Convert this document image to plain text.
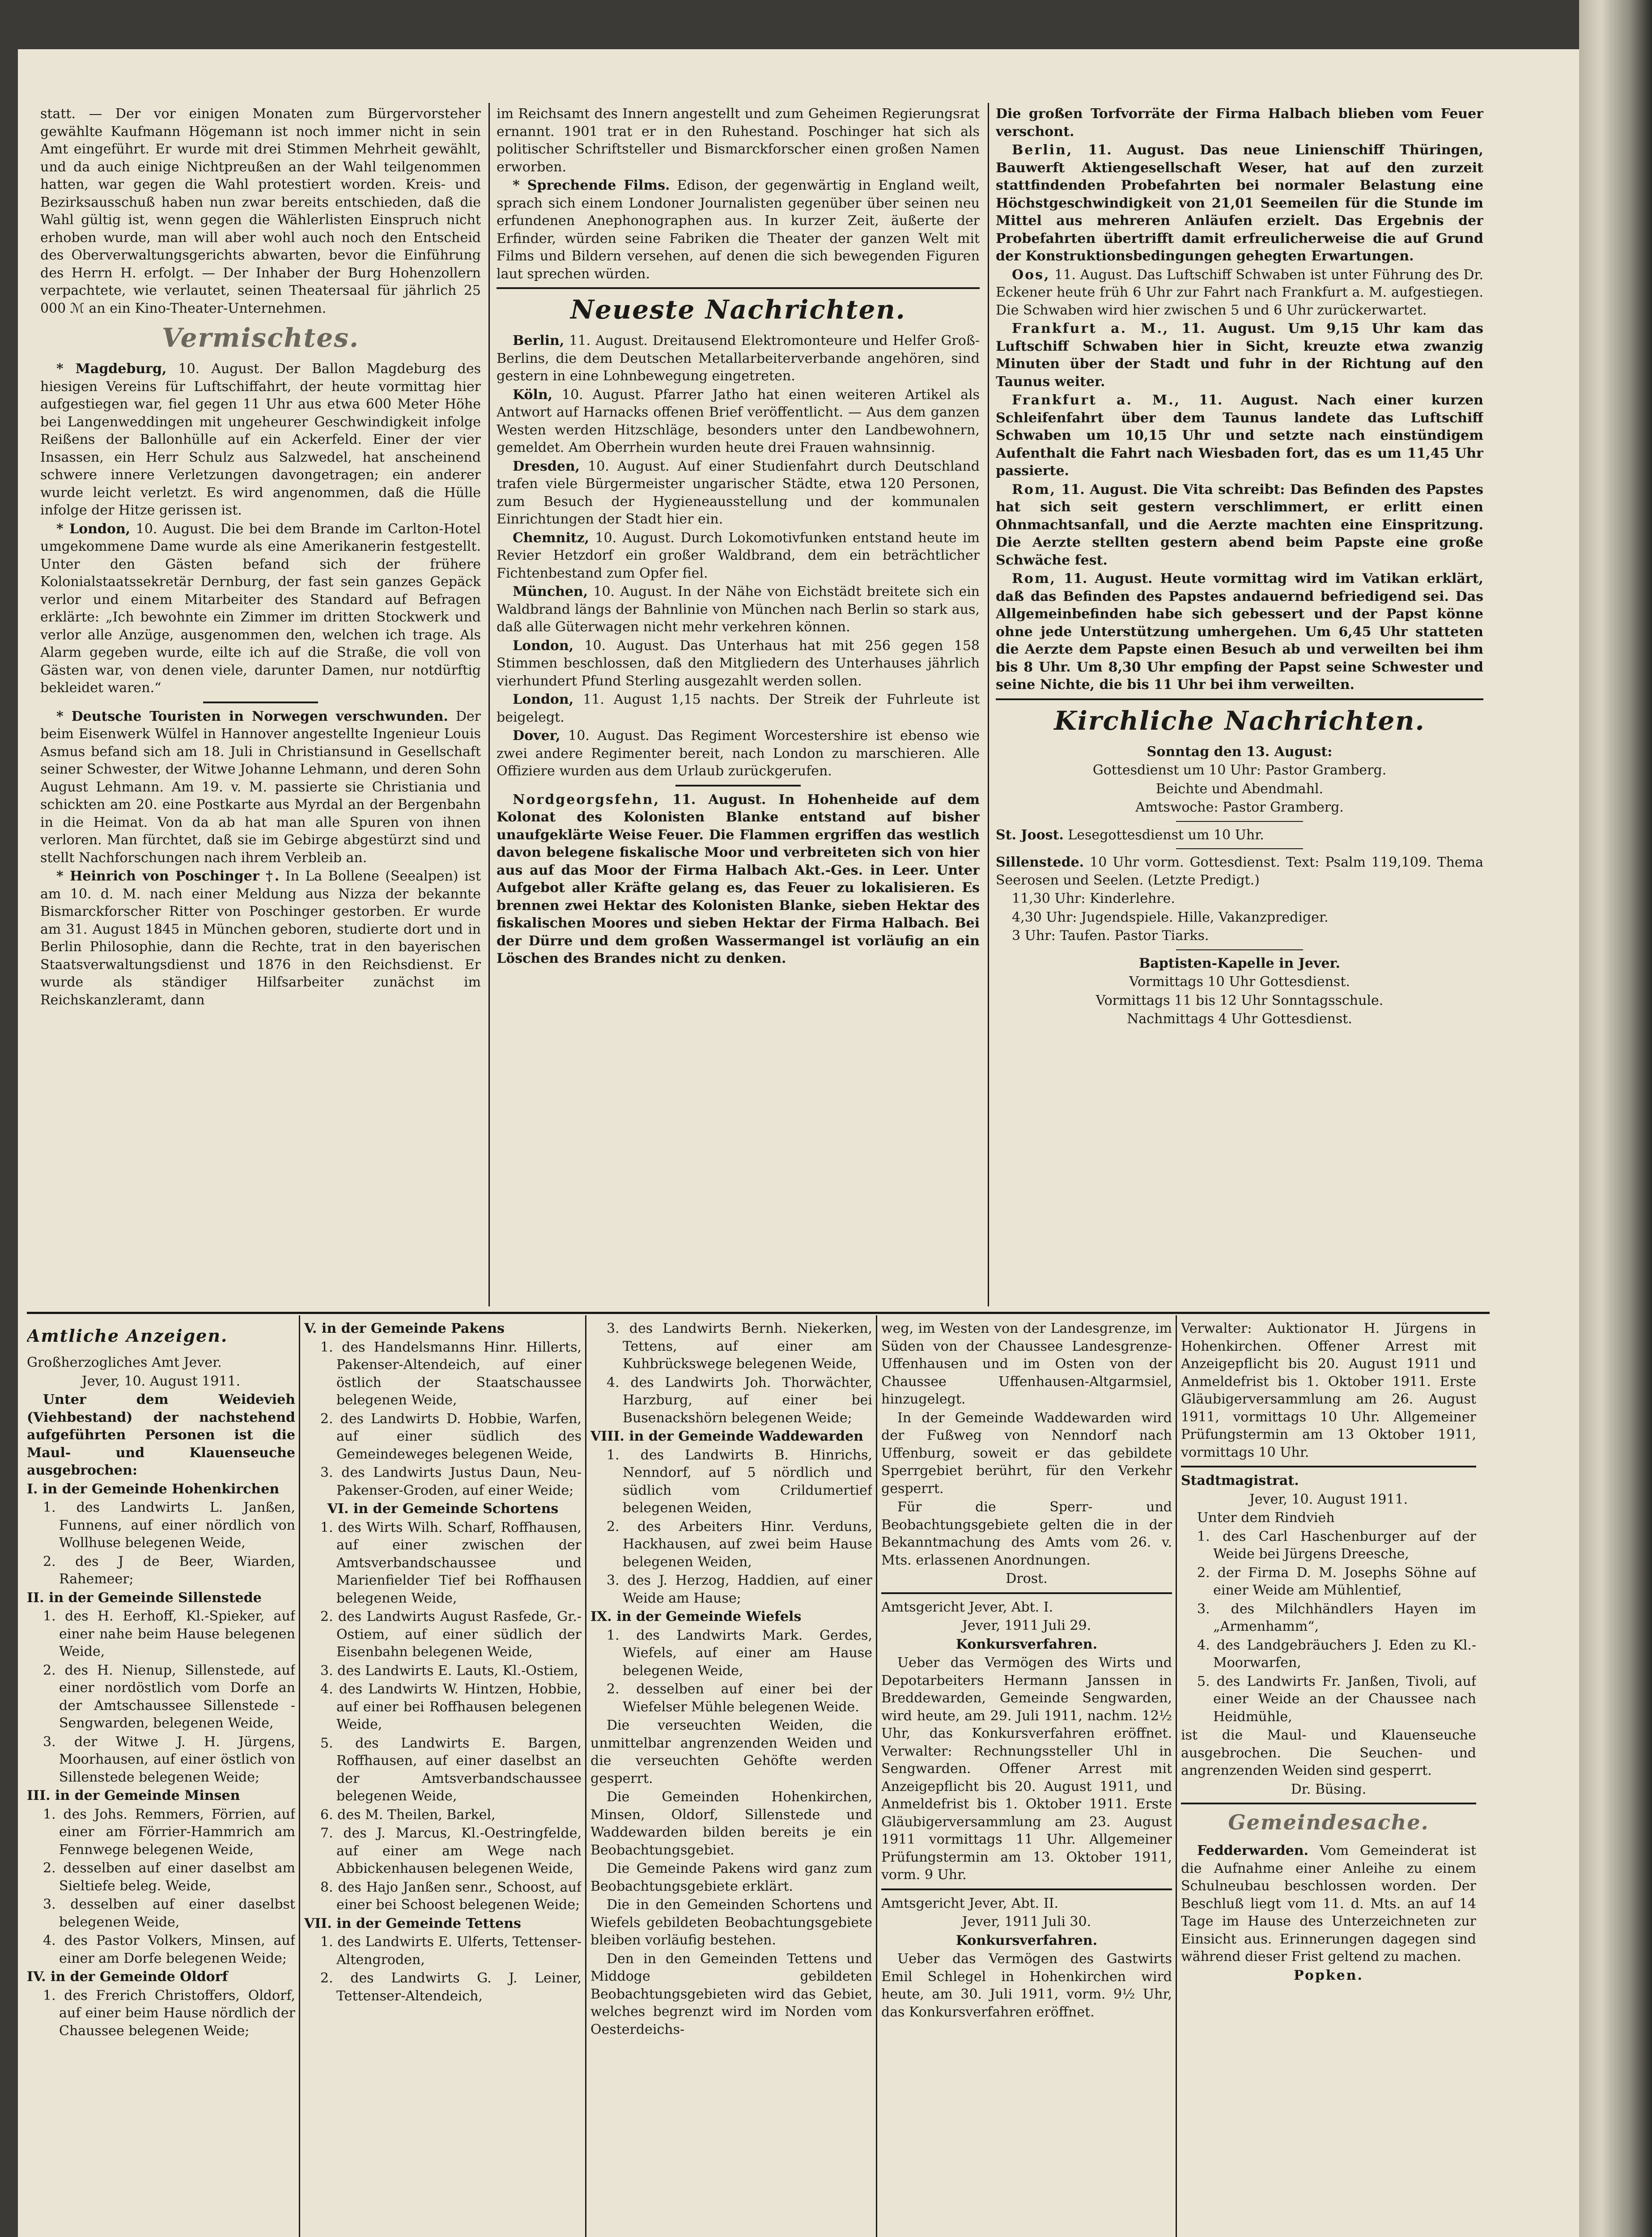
statt. — Der vor einigen Monaten zum Bürgervorsteher gewählte Kaufmann Högemann ist noch immer nicht in sein Amt eingeführt. Er wurde mit drei Stimmen Mehrheit gewählt, und da auch einige Nichtpreußen an der Wahl teilgenommen hatten, war gegen die Wahl protestiert worden. Kreis- und Bezirksausschuß haben nun zwar bereits entschieden, daß die Wahl gültig ist, wenn gegen die Wählerlisten Einspruch nicht erhoben wurde, man will aber wohl auch noch den Entscheid des Oberverwaltungsgerichts abwarten, bevor die Einführung des Herrn H. erfolgt. — Der Inhaber der Burg Hohenzollern verpachtete, wie verlautet, seinen Theatersaal für jährlich 25 000 ℳ an ein Kino-Theater-Unternehmen.

Vermischtes.

* Magdeburg, 10. August. Der Ballon Magdeburg des hiesigen Vereins für Luftschiffahrt, der heute vormittag hier aufgestiegen war, fiel gegen 11 Uhr aus etwa 600 Meter Höhe bei Langenweddingen mit ungeheurer Geschwindigkeit infolge Reißens der Ballonhülle auf ein Ackerfeld. Einer der vier Insassen, ein Herr Schulz aus Salzwedel, hat anscheinend schwere innere Verletzungen davongetragen; ein anderer wurde leicht verletzt. Es wird angenommen, daß die Hülle infolge der Hitze gerissen ist.

* London, 10. August. Die bei dem Brande im Carlton-Hotel umgekommene Dame wurde als eine Amerikanerin festgestellt. Unter den Gästen befand sich der frühere Kolonialstaatssekretär Dernburg, der fast sein ganzes Gepäck verlor und einem Mitarbeiter des Standard auf Befragen erklärte: „Ich bewohnte ein Zimmer im dritten Stockwerk und verlor alle Anzüge, ausgenommen den, welchen ich trage. Als Alarm gegeben wurde, eilte ich auf die Straße, die voll von Gästen war, von denen viele, darunter Damen, nur notdürftig bekleidet waren.“

* Deutsche Touristen in Norwegen verschwunden. Der beim Eisenwerk Wülfel in Hannover angestellte Ingenieur Louis Asmus befand sich am 18. Juli in Christiansund in Gesellschaft seiner Schwester, der Witwe Johanne Lehmann, und deren Sohn August Lehmann. Am 19. v. M. passierte sie Christiania und schickten am 20. eine Postkarte aus Myrdal an der Bergenbahn in die Heimat. Von da ab hat man alle Spuren von ihnen verloren. Man fürchtet, daß sie im Gebirge abgestürzt sind und stellt Nachforschungen nach ihrem Verbleib an.

* Heinrich von Poschinger †. In La Bollene (Seealpen) ist am 10. d. M. nach einer Meldung aus Nizza der bekannte Bismarckforscher Ritter von Poschinger gestorben. Er wurde am 31. August 1845 in München geboren, studierte dort und in Berlin Philosophie, dann die Rechte, trat in den bayerischen Staatsverwaltungsdienst und 1876 in den Reichsdienst. Er wurde als ständiger Hilfsarbeiter zunächst im Reichskanzleramt, dann

im Reichsamt des Innern angestellt und zum Geheimen Regierungsrat ernannt. 1901 trat er in den Ruhestand. Poschinger hat sich als politischer Schriftsteller und Bismarckforscher einen großen Namen erworben.

* Sprechende Films. Edison, der gegenwärtig in England weilt, sprach sich einem Londoner Journalisten gegenüber über seinen neu erfundenen Anephonographen aus. In kurzer Zeit, äußerte der Erfinder, würden seine Fabriken die Theater der ganzen Welt mit Films und Bildern versehen, auf denen die sich bewegenden Figuren laut sprechen würden.

Neueste Nachrichten.

Berlin, 11. August. Dreitausend Elektromonteure und Helfer Groß-Berlins, die dem Deutschen Metallarbeiterverbande angehören, sind gestern in eine Lohnbewegung eingetreten.

Köln, 10. August. Pfarrer Jatho hat einen weiteren Artikel als Antwort auf Harnacks offenen Brief veröffentlicht. — Aus dem ganzen Westen werden Hitzschläge, besonders unter den Landbewohnern, gemeldet. Am Oberrhein wurden heute drei Frauen wahnsinnig.

Dresden, 10. August. Auf einer Studienfahrt durch Deutschland trafen viele Bürgermeister ungarischer Städte, etwa 120 Personen, zum Besuch der Hygieneausstellung und der kommunalen Einrichtungen der Stadt hier ein.

Chemnitz, 10. August. Durch Lokomotivfunken entstand heute im Revier Hetzdorf ein großer Waldbrand, dem ein beträchtlicher Fichtenbestand zum Opfer fiel.

München, 10. August. In der Nähe von Eichstädt breitete sich ein Waldbrand längs der Bahnlinie von München nach Berlin so stark aus, daß alle Güterwagen nicht mehr verkehren können.

London, 10. August. Das Unterhaus hat mit 256 gegen 158 Stimmen beschlossen, daß den Mitgliedern des Unterhauses jährlich vierhundert Pfund Sterling ausgezahlt werden sollen.

London, 11. August 1,15 nachts. Der Streik der Fuhrleute ist beigelegt.

Dover, 10. August. Das Regiment Worcestershire ist ebenso wie zwei andere Regimenter bereit, nach London zu marschieren. Alle Offiziere wurden aus dem Urlaub zurückgerufen.

Nordgeorgsfehn, 11. August. In Hohenheide auf dem Kolonat des Kolonisten Blanke entstand auf bisher unaufgeklärte Weise Feuer. Die Flammen ergriffen das westlich davon belegene fiskalische Moor und verbreiteten sich von hier aus auf das Moor der Firma Halbach Akt.-Ges. in Leer. Unter Aufgebot aller Kräfte gelang es, das Feuer zu lokalisieren. Es brennen zwei Hektar des Kolonisten Blanke, sieben Hektar des fiskalischen Moores und sieben Hektar der Firma Halbach. Bei der Dürre und dem großen Wassermangel ist vorläufig an ein Löschen des Brandes nicht zu denken.

Die großen Torfvorräte der Firma Halbach blieben vom Feuer verschont.

Berlin, 11. August. Das neue Linienschiff Thüringen, Bauwerft Aktiengesellschaft Weser, hat auf den zurzeit stattfindenden Probefahrten bei normaler Belastung eine Höchstgeschwindigkeit von 21,01 Seemeilen für die Stunde im Mittel aus mehreren Anläufen erzielt. Das Ergebnis der Probefahrten übertrifft damit erfreulicherweise die auf Grund der Konstruktionsbedingungen gehegten Erwartungen.

Oos, 11. August. Das Luftschiff Schwaben ist unter Führung des Dr. Eckener heute früh 6 Uhr zur Fahrt nach Frankfurt a. M. aufgestiegen. Die Schwaben wird hier zwischen 5 und 6 Uhr zurückerwartet.

Frankfurt a. M., 11. August. Um 9,15 Uhr kam das Luftschiff Schwaben hier in Sicht, kreuzte etwa zwanzig Minuten über der Stadt und fuhr in der Richtung auf den Taunus weiter.

Frankfurt a. M., 11. August. Nach einer kurzen Schleifenfahrt über dem Taunus landete das Luftschiff Schwaben um 10,15 Uhr und setzte nach einstündigem Aufenthalt die Fahrt nach Wiesbaden fort, das es um 11,45 Uhr passierte.

Rom, 11. August. Die Vita schreibt: Das Befinden des Papstes hat sich seit gestern verschlimmert, er erlitt einen Ohnmachtsanfall, und die Aerzte machten eine Einspritzung. Die Aerzte stellten gestern abend beim Papste eine große Schwäche fest.

Rom, 11. August. Heute vormittag wird im Vatikan erklärt, daß das Befinden des Papstes andauernd befriedigend sei. Das Allgemeinbefinden habe sich gebessert und der Papst könne ohne jede Unterstützung umhergehen. Um 6,45 Uhr statteten die Aerzte dem Papste einen Besuch ab und verweilten bei ihm bis 8 Uhr. Um 8,30 Uhr empfing der Papst seine Schwester und seine Nichte, die bis 11 Uhr bei ihm verweilten.

Kirchliche Nachrichten.

Sonntag den 13. August:

Gottesdienst um 10 Uhr: Pastor Gramberg.

Beichte und Abendmahl.

Amtswoche: Pastor Gramberg.

St. Joost. Lesegottesdienst um 10 Uhr.

Sillenstede. 10 Uhr vorm. Gottesdienst. Text: Psalm 119,109. Thema Seerosen und Seelen. (Letzte Predigt.)

11,30 Uhr: Kinderlehre.

4,30 Uhr: Jugendspiele. Hille, Vakanzprediger.

3 Uhr: Taufen. Pastor Tiarks.

Baptisten-Kapelle in Jever.

Vormittags 10 Uhr Gottesdienst.

Vormittags 11 bis 12 Uhr Sonntagsschule.

Nachmittags 4 Uhr Gottesdienst.

Amtliche Anzeigen.

Großherzogliches Amt Jever.

Jever, 10. August 1911.

Unter dem Weidevieh (Viehbestand) der nachstehend aufgeführten Personen ist die Maul- und Klauenseuche ausgebrochen:

I. in der Gemeinde Hohenkirchen

1. des Landwirts L. Janßen, Funnens, auf einer nördlich von Wollhuse belegenen Weide,

2. des J de Beer, Wiarden, Rahemeer;

II. in der Gemeinde Sillenstede

1. des H. Eerhoff, Kl.-Spieker, auf einer nahe beim Hause belegenen Weide,

2. des H. Nienup, Sillenstede, auf einer nordöstlich vom Dorfe an der Amtschaussee Sillenstede - Sengwarden, belegenen Weide,

3. der Witwe J. H. Jürgens, Moorhausen, auf einer östlich von Sillenstede belegenen Weide;

III. in der Gemeinde Minsen

1. des Johs. Remmers, Förrien, auf einer am Förrier-Hammrich am Fennwege belegenen Weide,

2. desselben auf einer daselbst am Sieltiefe beleg. Weide,

3. desselben auf einer daselbst belegenen Weide,

4. des Pastor Volkers, Minsen, auf einer am Dorfe belegenen Weide;

IV. in der Gemeinde Oldorf

1. des Frerich Christoffers, Oldorf, auf einer beim Hause nördlich der Chaussee belegenen Weide;

V. in der Gemeinde Pakens

1. des Handelsmanns Hinr. Hillerts, Pakenser-Altendeich, auf einer östlich der Staatschaussee belegenen Weide,

2. des Landwirts D. Hobbie, Warfen, auf einer südlich des Gemeindeweges belegenen Weide,

3. des Landwirts Justus Daun, Neu-Pakenser-Groden, auf einer Weide;

VI. in der Gemeinde Schortens

1. des Wirts Wilh. Scharf, Roffhausen, auf einer zwischen der Amtsverbandschaussee und Marienfielder Tief bei Roffhausen belegenen Weide,

2. des Landwirts August Rasfede, Gr.-Ostiem, auf einer südlich der Eisenbahn belegenen Weide,

3. des Landwirts E. Lauts, Kl.-Ostiem,

4. des Landwirts W. Hintzen, Hobbie, auf einer bei Roffhausen belegenen Weide,

5. des Landwirts E. Bargen, Roffhausen, auf einer daselbst an der Amtsverbandschaussee belegenen Weide,

6. des M. Theilen, Barkel,

7. des J. Marcus, Kl.-Oestringfelde, auf einer am Wege nach Abbickenhausen belegenen Weide,

8. des Hajo Janßen senr., Schoost, auf einer bei Schoost belegenen Weide;

VII. in der Gemeinde Tettens

1. des Landwirts E. Ulferts, Tettenser-Altengroden,

2. des Landwirts G. J. Leiner, Tettenser-Altendeich,

3. des Landwirts Bernh. Niekerken, Tettens, auf einer am Kuhbrückswege belegenen Weide,

4. des Landwirts Joh. Thorwächter, Harzburg, auf einer bei Busenackshörn belegenen Weide;

VIII. in der Gemeinde Waddewarden

1. des Landwirts B. Hinrichs, Nenndorf, auf 5 nördlich und südlich vom Crildumertief belegenen Weiden,

2. des Arbeiters Hinr. Verduns, Hackhausen, auf zwei beim Hause belegenen Weiden,

3. des J. Herzog, Haddien, auf einer Weide am Hause;

IX. in der Gemeinde Wiefels

1. des Landwirts Mark. Gerdes, Wiefels, auf einer am Hause belegenen Weide,

2. desselben auf einer bei der Wiefelser Mühle belegenen Weide.

Die verseuchten Weiden, die unmittelbar angrenzenden Weiden und die verseuchten Gehöfte werden gesperrt.

Die Gemeinden Hohenkirchen, Minsen, Oldorf, Sillenstede und Waddewarden bilden bereits je ein Beobachtungsgebiet.

Die Gemeinde Pakens wird ganz zum Beobachtungsgebiete erklärt.

Die in den Gemeinden Schortens und Wiefels gebildeten Beobachtungsgebiete bleiben vorläufig bestehen.

Den in den Gemeinden Tettens und Middoge gebildeten Beobachtungsgebieten wird das Gebiet, welches begrenzt wird im Norden vom Oesterdeichs-

weg, im Westen von der Landesgrenze, im Süden von der Chaussee Landesgrenze-Uffenhausen und im Osten von der Chaussee Uffenhausen-Altgarmsiel, hinzugelegt.

In der Gemeinde Waddewarden wird der Fußweg von Nenndorf nach Uffenburg, soweit er das gebildete Sperrgebiet berührt, für den Verkehr gesperrt.

Für die Sperr- und Beobachtungsgebiete gelten die in der Bekanntmachung des Amts vom 26. v. Mts. erlassenen Anordnungen.

Drost.

Amtsgericht Jever, Abt. I.

Jever, 1911 Juli 29.

Konkursverfahren.

Ueber das Vermögen des Wirts und Depotarbeiters Hermann Janssen in Breddewarden, Gemeinde Sengwarden, wird heute, am 29. Juli 1911, nachm. 12½ Uhr, das Konkursverfahren eröffnet. Verwalter: Rechnungssteller Uhl in Sengwarden. Offener Arrest mit Anzeigepflicht bis 20. August 1911, und Anmeldefrist bis 1. Oktober 1911. Erste Gläubigerversammlung am 23. August 1911 vormittags 11 Uhr. Allgemeiner Prüfungstermin am 13. Oktober 1911, vorm. 9 Uhr.

Amtsgericht Jever, Abt. II.

Jever, 1911 Juli 30.

Konkursverfahren.

Ueber das Vermögen des Gastwirts Emil Schlegel in Hohenkirchen wird heute, am 30. Juli 1911, vorm. 9½ Uhr, das Konkursverfahren eröffnet.

Verwalter: Auktionator H. Jürgens in Hohenkirchen. Offener Arrest mit Anzeigepflicht bis 20. August 1911 und Anmeldefrist bis 1. Oktober 1911. Erste Gläubigerversammlung am 26. August 1911, vormittags 10 Uhr. Allgemeiner Prüfungstermin am 13 Oktober 1911, vormittags 10 Uhr.

Stadtmagistrat.

Jever, 10. August 1911.

Unter dem Rindvieh

1. des Carl Haschenburger auf der Weide bei Jürgens Dreesche,

2. der Firma D. M. Josephs Söhne auf einer Weide am Mühlentief,

3. des Milchhändlers Hayen im „Armenhamm“,

4. des Landgebräuchers J. Eden zu Kl.-Moorwarfen,

5. des Landwirts Fr. Janßen, Tivoli, auf einer Weide an der Chaussee nach Heidmühle,

ist die Maul- und Klauenseuche ausgebrochen. Die Seuchen- und angrenzenden Weiden sind gesperrt.

Dr. Büsing.

Gemeindesache.

Fedderwarden. Vom Gemeinderat ist die Aufnahme einer Anleihe zu einem Schulneubau beschlossen worden. Der Beschluß liegt vom 11. d. Mts. an auf 14 Tage im Hause des Unterzeichneten zur Einsicht aus. Erinnerungen dagegen sind während dieser Frist geltend zu machen.

Popken.
